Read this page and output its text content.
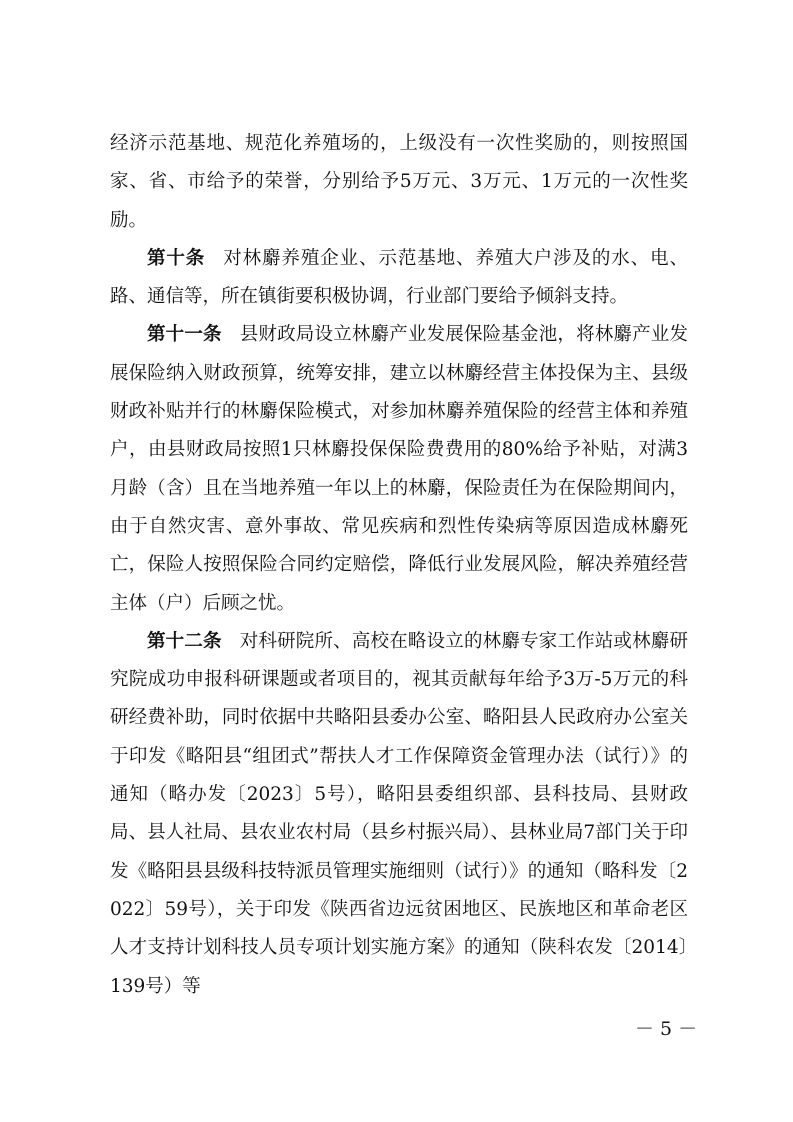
经济示范基地、规范化养殖场的，上级没有一次性奖励的，则按照国家、省、市给予的荣誉，分别给予5万元、3万元、1万元的一次性奖励。

第十条 对林麝养殖企业、示范基地、养殖大户涉及的水、电、路、通信等，所在镇街要积极协调，行业部门要给予倾斜支持。

第十一条 县财政局设立林麝产业发展保险基金池，将林麝产业发展保险纳入财政预算，统筹安排，建立以林麝经营主体投保为主、县级财政补贴并行的林麝保险模式，对参加林麝养殖保险的经营主体和养殖户，由县财政局按照1只林麝投保保险费费用的80%给予补贴，对满3月龄（含）且在当地养殖一年以上的林麝，保险责任为在保险期间内，由于自然灾害、意外事故、常见疾病和烈性传染病等原因造成林麝死亡，保险人按照保险合同约定赔偿，降低行业发展风险，解决养殖经营主体（户）后顾之忧。

第十二条 对科研院所、高校在略设立的林麝专家工作站或林麝研究院成功申报科研课题或者项目的，视其贡献每年给予3万-5万元的科研经费补助，同时依据中共略阳县委办公室、略阳县人民政府办公室关于印发《略阳县“组团式”帮扶人才工作保障资金管理办法（试行）》的通知（略办发〔2023〕5号），略阳县委组织部、县科技局、县财政局、县人社局、县农业农村局（县乡村振兴局）、县林业局7部门关于印发《略阳县县级科技特派员管理实施细则（试行）》的通知（略科发〔2022〕59号），关于印发《陕西省边远贫困地区、民族地区和革命老区人才支持计划科技人员专项计划实施方案》的通知（陕科农发〔2014〕139号）等

－ 5 －
